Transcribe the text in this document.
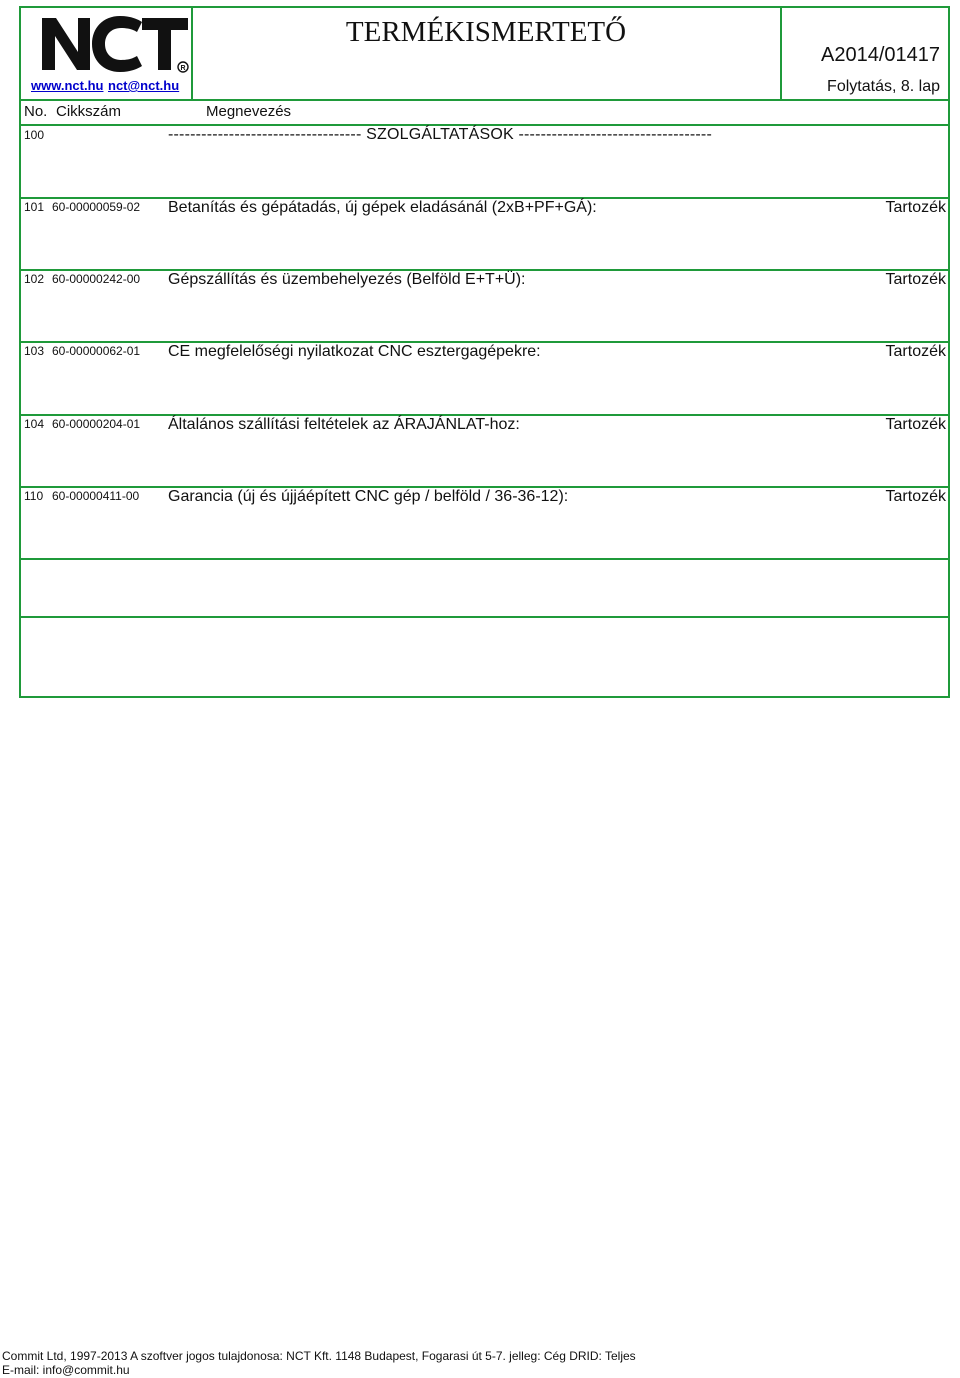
R
www.nct.hu nct@nct.hu
TERMÉKISMERTETŐ
A2014/01417
Folytatás, 8. lap
No. Cikkszám	Megnevezés
100	----------------------------------- SZOLGÁLTATÁSOK -----------------------------------
101 60-00000059-02 Betanítás és gépátadás, új gépek eladásánál (2xB+PF+GÁ):	Tartozék
102 60-00000242-00 Gépszállítás és üzembehelyezés (Belföld E+T+Ü):	Tartozék
103 60-00000062-01 CE megfelelőségi nyilatkozat CNC esztergagépekre:	Tartozék
104 60-00000204-01 Általános szállítási feltételek az ÁRAJÁNLAT-hoz:	Tartozék
110 60-00000411-00 Garancia (új és újjáépített CNC gép / belföld / 36-36-12):	Tartozék
Commit Ltd, 1997-2013 A szoftver jogos tulajdonosa: NCT Kft. 1148 Budapest, Fogarasi út 5-7. jelleg: Cég DRID: Teljes
E-mail: info@commit.hu
